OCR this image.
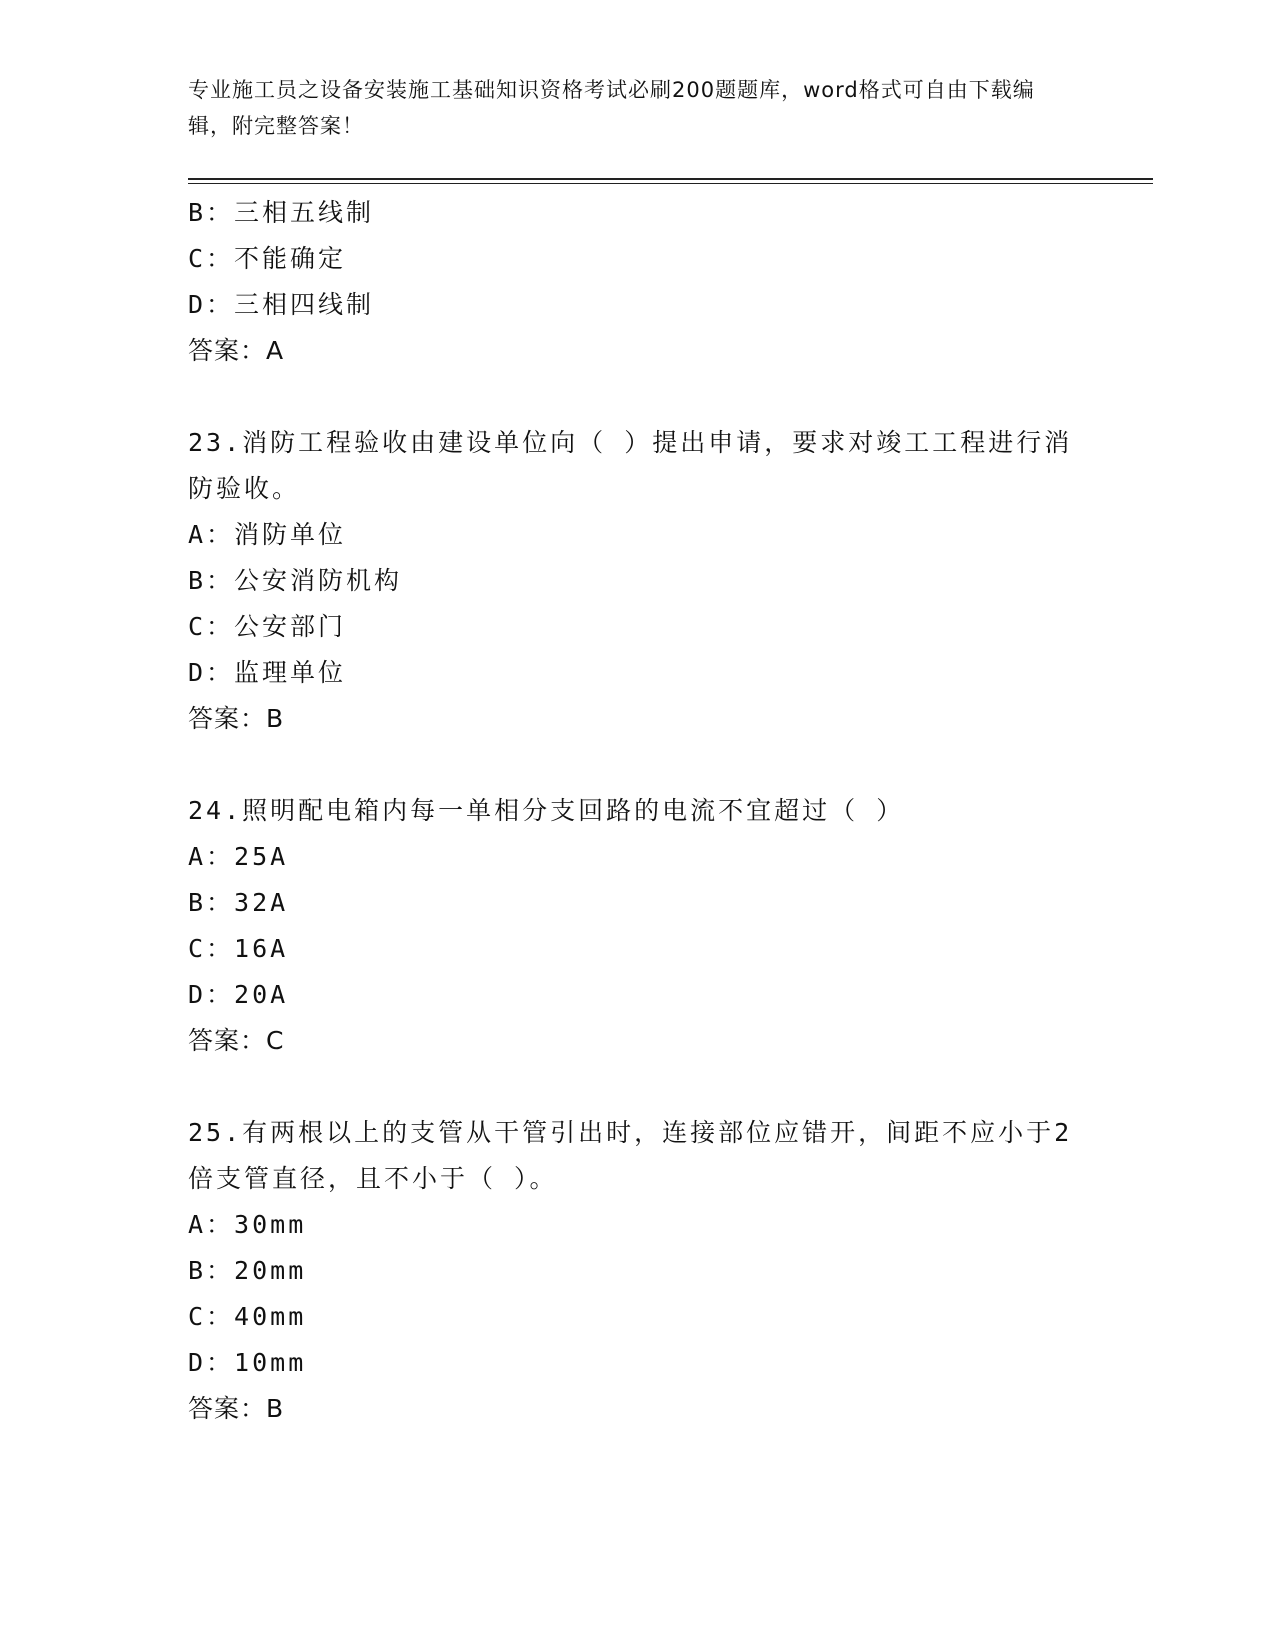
专业施工员之设备安装施工基础知识资格考试必刷200题题库，word格式可自由下载编辑，附完整答案！
B：三相五线制
C：不能确定
D：三相四线制
答案：A
23.消防工程验收由建设单位向（ ）提出申请，要求对竣工工程进行消防验收。
A：消防单位
B：公安消防机构
C：公安部门
D：监理单位
答案：B
24.照明配电箱内每一单相分支回路的电流不宜超过（ ）
A：25A
B：32A
C：16A
D：20A
答案：C
25.有两根以上的支管从干管引出时，连接部位应错开，间距不应小于2倍支管直径，且不小于（ ）。
A：30mm
B：20mm
C：40mm
D：10mm
答案：B
